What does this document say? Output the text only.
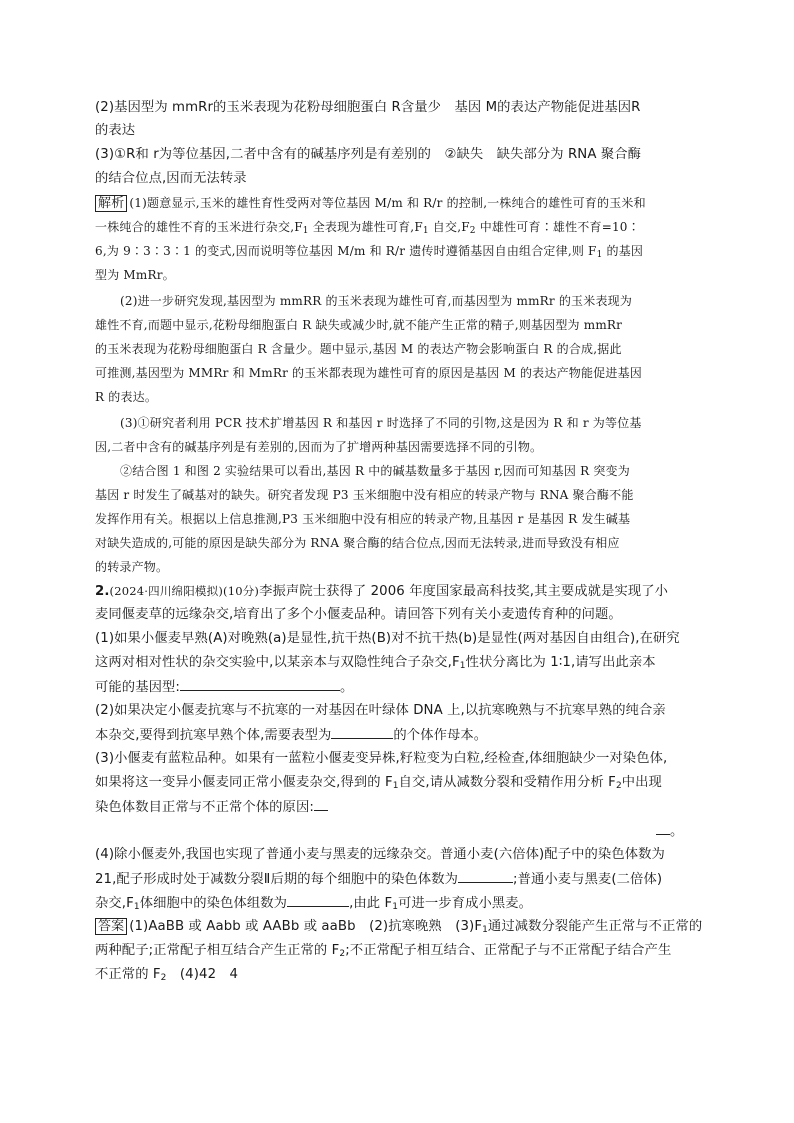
(2)基因型为 mmRr的玉米表现为花粉母细胞蛋白 R含量少　基因 M的表达产物能促进基因R
的表达
(3)①R和 r为等位基因,二者中含有的碱基序列是有差别的　②缺失　缺失部分为 RNA 聚合酶
的结合位点,因而无法转录
解析 (1)题意显示,玉米的雄性育性受两对等位基因 M/m 和 R/r 的控制,一株纯合的雄性可育的玉米和
一株纯合的雄性不育的玉米进行杂交$,F_1$ 全表现为雄性可育$,F_1$ 自交$,F_2$ 中雄性可育∶雄性不育=10∶
6,为 9∶3∶3∶1 的变式,因而说明等位基因 M/m 和 R/r 遗传时遵循基因自由组合定律,则 $F_1$ 的基因
型为 MmRr。
(2)进一步研究发现,基因型为 mmRR 的玉米表现为雄性可育,而基因型为 mmRr 的玉米表现为
雄性不育,而题中显示,花粉母细胞蛋白 R 缺失或减少时,就不能产生正常的精子,则基因型为 mmRr
的玉米表现为花粉母细胞蛋白 R 含量少。题中显示,基因 M 的表达产物会影响蛋白 R 的合成,据此
可推测,基因型为 MMRr 和 MmRr 的玉米都表现为雄性可育的原因是基因 M 的表达产物能促进基因
R 的表达。
(3)①研究者利用 PCR 技术扩增基因 R 和基因 r 时选择了不同的引物,这是因为 R 和 r 为等位基
因,二者中含有的碱基序列是有差别的,因而为了扩增两种基因需要选择不同的引物。
②结合图 1 和图 2 实验结果可以看出,基因 R 中的碱基数量多于基因 r,因而可知基因 R 突变为
基因 r 时发生了碱基对的缺失。研究者发现 P3 玉米细胞中没有相应的转录产物与 RNA 聚合酶不能
发挥作用有关。根据以上信息推测,P3 玉米细胞中没有相应的转录产物,且基因 r 是基因 R 发生碱基
对缺失造成的,可能的原因是缺失部分为 RNA 聚合酶的结合位点,因而无法转录,进而导致没有相应
的转录产物。
2.(2024·四川绵阳模拟)(10分)李振声院士获得了 2006 年度国家最高科技奖,其主要成就是实现了小
麦同偃麦草的远缘杂交,培育出了多个小偃麦品种。请回答下列有关小麦遗传育种的问题。
(1)如果小偃麦早熟(A)对晚熟(a)是显性,抗干热(B)对不抗干热(b)是显性(两对基因自由组合),在研究
这两对相对性状的杂交实验中,以某亲本与双隐性纯合子杂交$,F_1$性状分离比为 1∶1,请写出此亲本
可能的基因型:	。
(2)如果决定小偃麦抗寒与不抗寒的一对基因在叶绿体 DNA 上,以抗寒晚熟与不抗寒早熟的纯合亲
本杂交,要得到抗寒早熟个体,需要表型为	的个体作母本。
(3)小偃麦有蓝粒品种。如果有一蓝粒小偃麦变异株,籽粒变为白粒,经检查,体细胞缺少一对染色体,
如果将这一变异小偃麦同正常小偃麦杂交,得到的 $F_1$自交,请从减数分裂和受精作用分析 $F_2$中出现
染色体数目正常与不正常个体的原因:
。
(4)除小偃麦外,我国也实现了普通小麦与黑麦的远缘杂交。普通小麦(六倍体)配子中的染色体数为
21,配子形成时处于减数分裂Ⅱ后期的每个细胞中的染色体数为	;普通小麦与黑麦(二倍体)
杂交$,F_1$体细胞中的染色体组数为	,由此 $F_1$可进一步育成小黑麦。
答案 (1)AaBB 或 Aabb 或 AABb 或 aaBb　(2)抗寒晚熟　$(3)F_1$通过减数分裂能产生正常与不正常的
两种配子;正常配子相互结合产生正常的 $F_2$;不正常配子相互结合、正常配子与不正常配子结合产生
不正常的 $F_2$　(4)42　4
